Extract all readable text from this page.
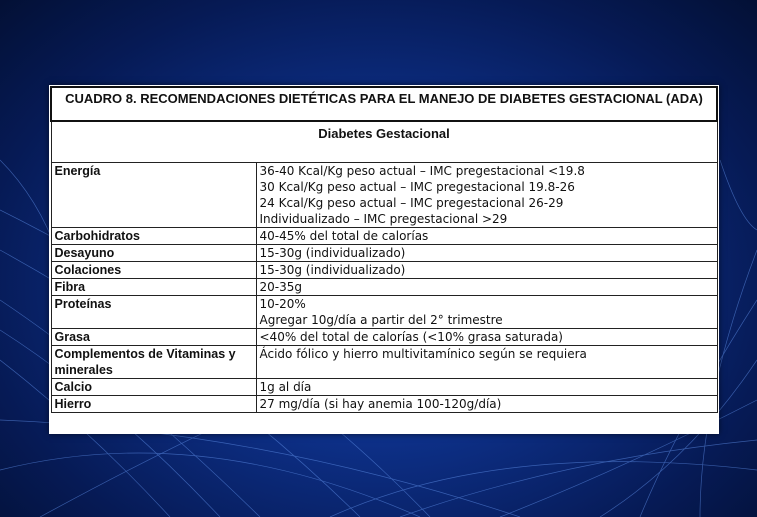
CUADRO 8. RECOMENDACIONES DIETÉTICAS PARA EL MANEJO DE DIABETES GESTACIONAL (ADA)	
Diabetes Gestacional	
Energía	36-40 Kcal/Kg peso actual – IMC pregestacional <19.8
30 Kcal/Kg peso actual – IMC pregestacional 19.8-26
24 Kcal/Kg peso actual – IMC pregestacional 26-29
Individualizado – IMC pregestacional >29

Carbohidratos	40-45% del total de calorías
Desayuno	15-30g (individualizado)
Colaciones	15-30g (individualizado)
Fibra	20-35g
Proteínas	10-20%
Agregar 10g/día a partir del 2° trimestre

Grasa	<40% del total de calorías (<10% grasa saturada)
Complementos de Vitaminas y minerales	Ácido fólico y hierro multivitamínico según se requiera
Calcio	1g al día
Hierro	27 mg/día (si hay anemia 100-120g/día)
